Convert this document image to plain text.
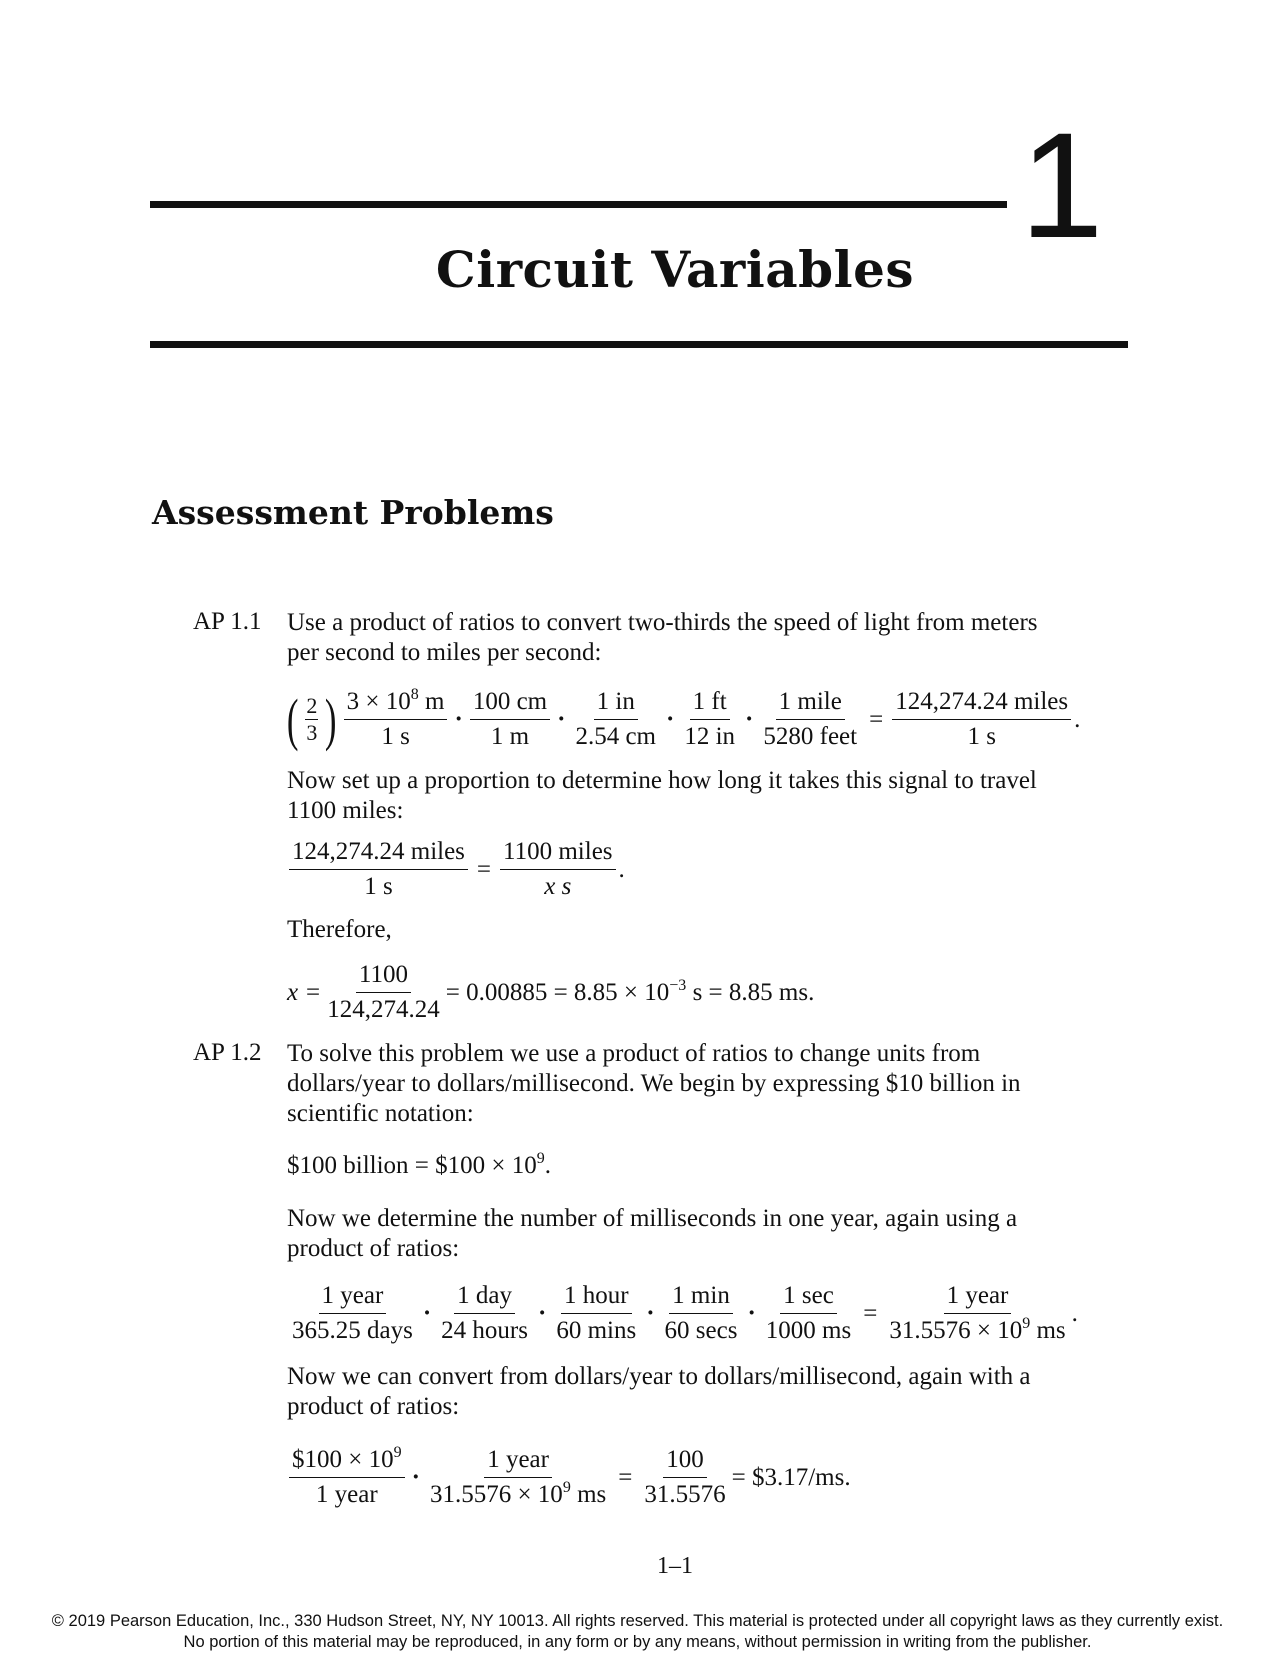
1
Circuit Variables
Assessment Problems
AP 1.1 Use a product of ratios to convert two-thirds the speed of light from meters
per second to miles per second:
( $\frac{2}{3}$ ) $\frac{3 \times 10^8 m}{1 s} \cdot \frac{100 cm}{1 m} \cdot \frac{1 in}{2.54 cm} \cdot \frac{1 ft}{12 in} \cdot \frac{\text{1 mile}}{\text{5280 feet}} = \frac{\text{124,274.24 miles}}{1 s}$ .
Now set up a proportion to determine how long it takes this signal to travel
1100 miles:
$\frac{\text{124,274.24 miles}}{1 s} = \frac{\text{1100 miles}}{\text{x s}}$ .
Therefore,
$x = \frac{1100}{124,274.24} = 0.00885 = 8.85 \times 10^{-3}$ s = 8.85 ms.
AP 1.2 To solve this problem we use a product of ratios to change units from
dollars/year to dollars/millisecond. We begin by expressing $10 billion in
scientific notation:
$100 billion = $100 × $10^9$.
Now we determine the number of milliseconds in one year, again using a
product of ratios:
$\frac{\text{1 year}}{\text{365.25 days}} \cdot \frac{\text{1 day}}{\text{24 hours}} \cdot \frac{\text{1 hour}}{60 \min s} \cdot \frac{1 \min}{60 \sec s} \cdot \frac{1 \sec}{1000 ms} = \frac{\text{1 year}}{31.5576 \times 10^9 ms}$ .
Now we can convert from dollars/year to dollars/millisecond, again with a
product of ratios:
$\frac{\$100 \times 10^9}{\text{1 year}} \cdot \frac{\text{1 year}}{31.5576 \times 10^9 ms} = \frac{100}{31.5576}$ = $3.17/ms.
1–1
© 2019 Pearson Education, Inc., 330 Hudson Street, NY, NY 10013. All rights reserved. This material is protected under all copyright laws as they currently exist.
No portion of this material may be reproduced, in any form or by any means, without permission in writing from the publisher.
